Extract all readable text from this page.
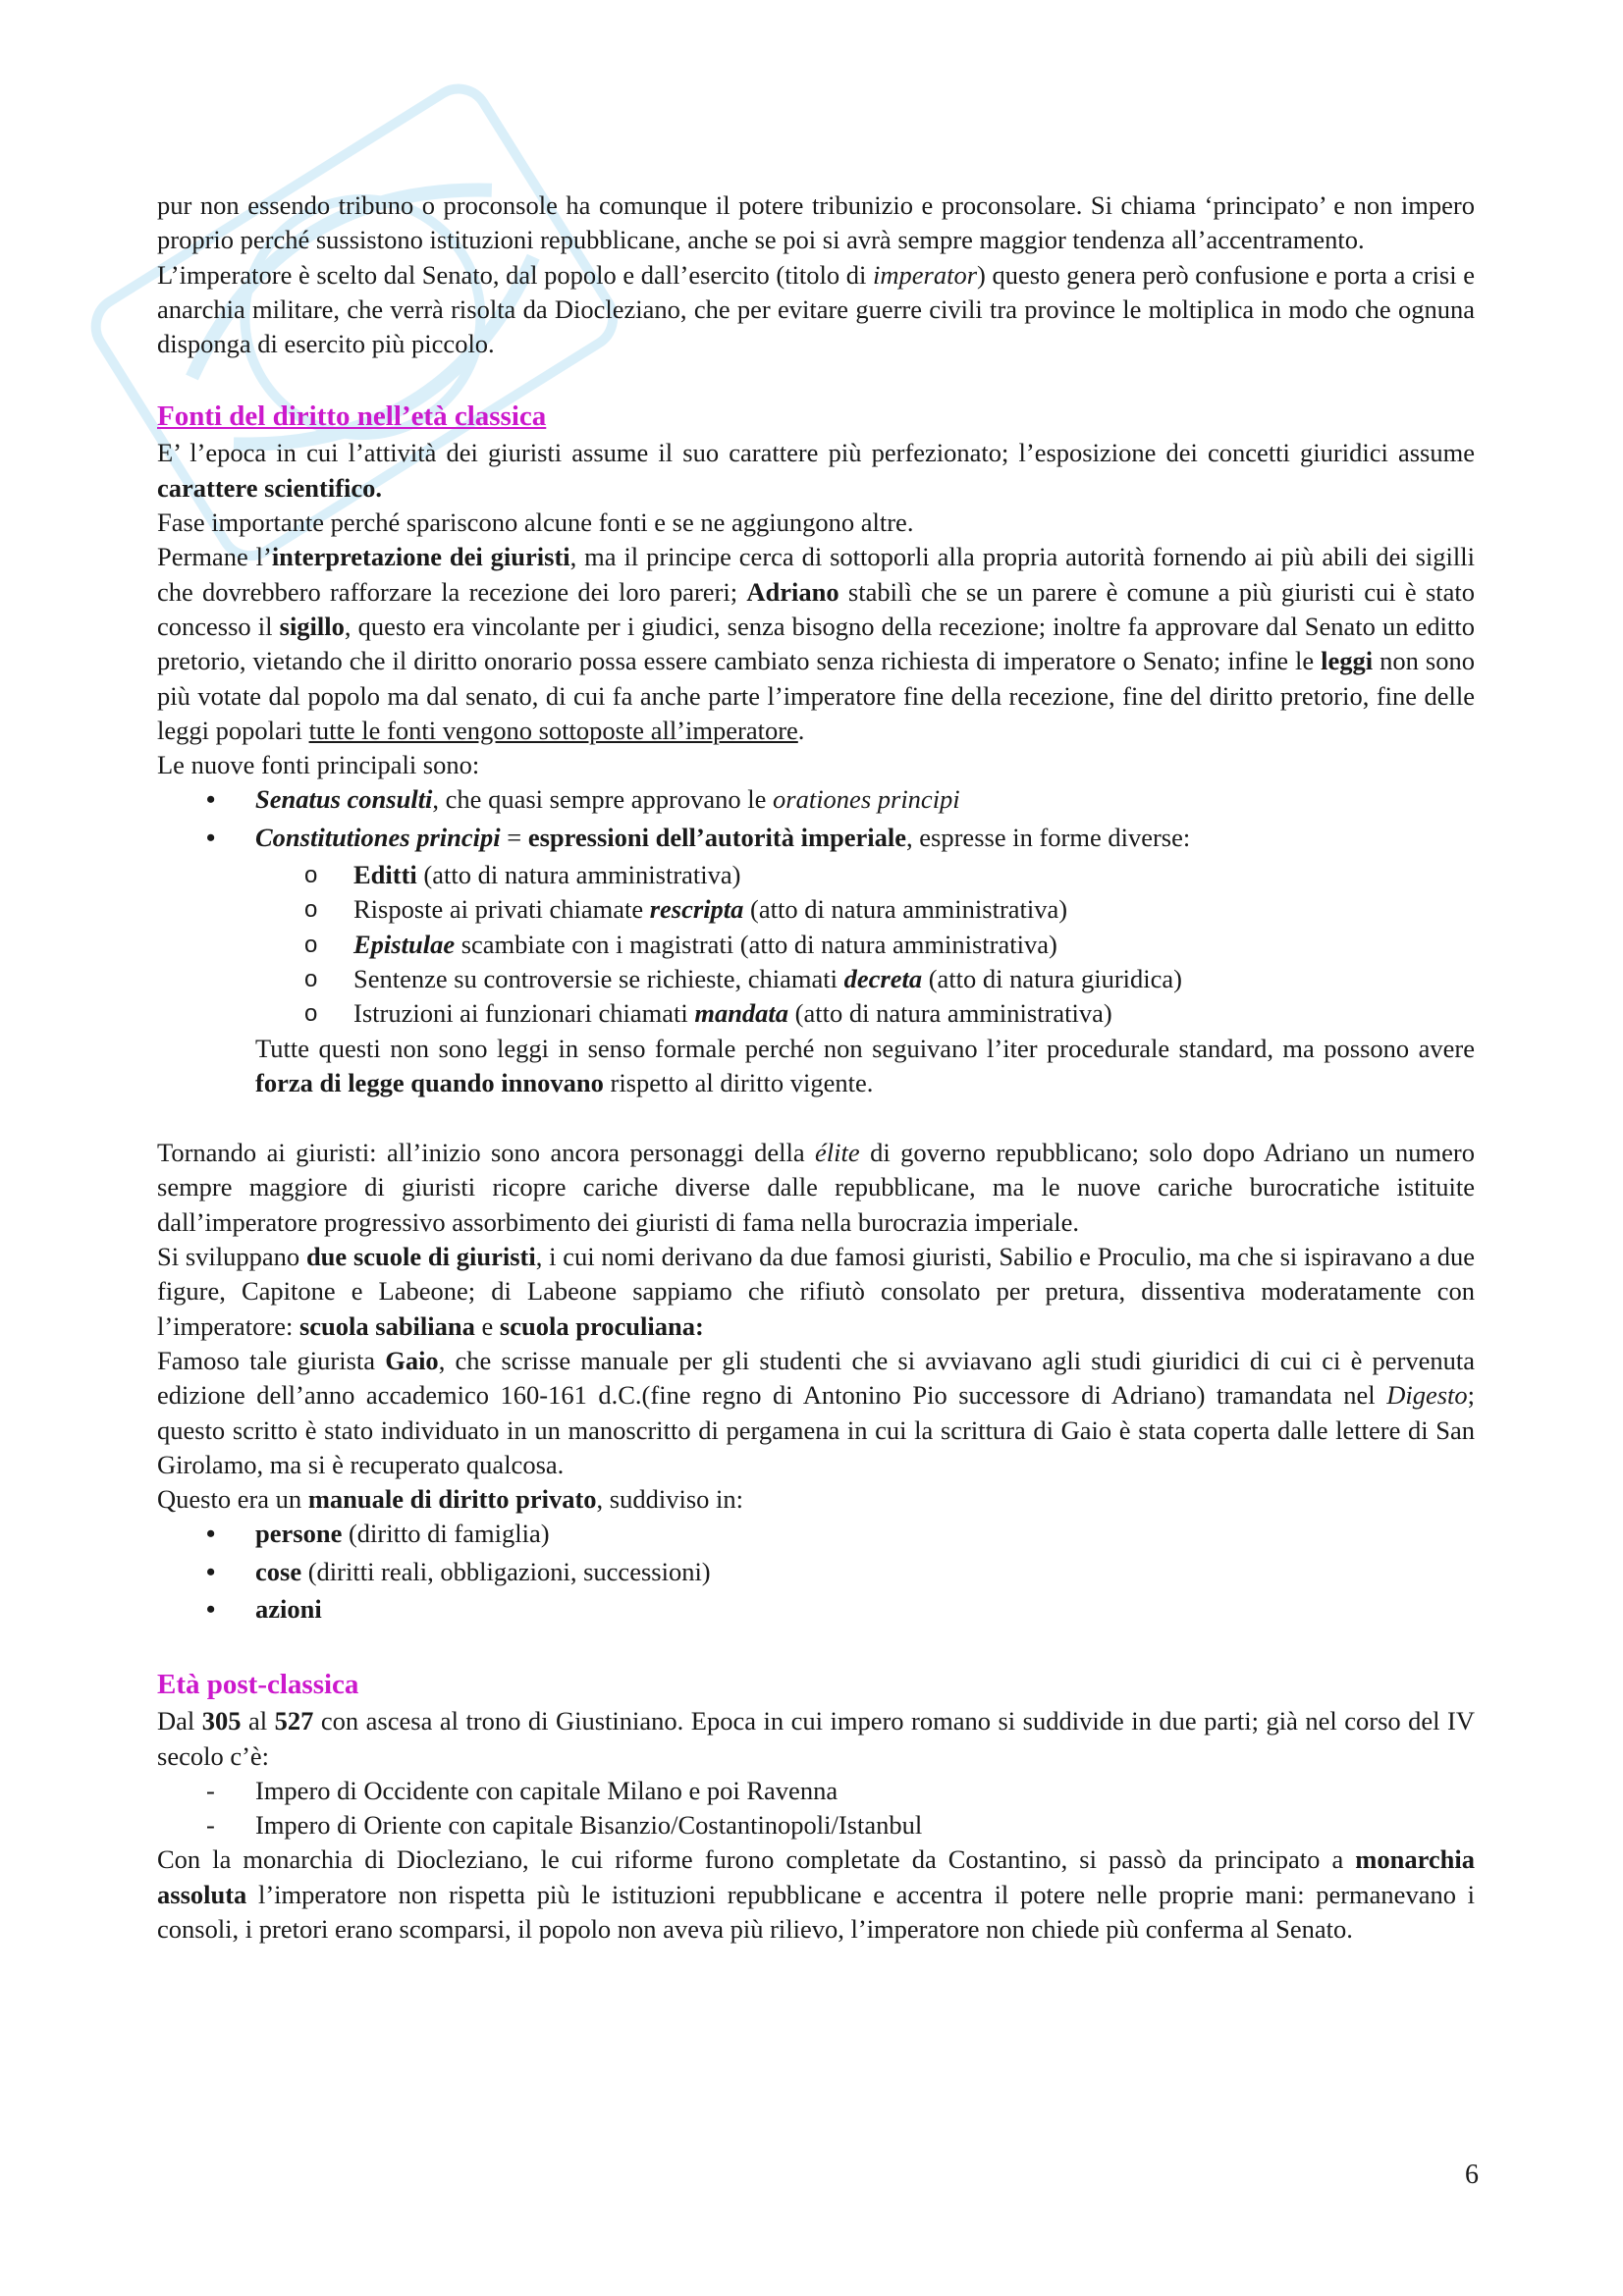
pur non essendo tribuno o proconsole ha comunque il potere tribunizio e proconsolare. Si chiama ‘principato’ e non impero proprio perché sussistono istituzioni repubblicane, anche se poi si avrà sempre maggior tendenza all’accentramento.

L’imperatore è scelto dal Senato, dal popolo e dall’esercito (titolo di imperator) questo genera però confusione e porta a crisi e anarchia militare, che verrà risolta da Diocleziano, che per evitare guerre civili tra province le moltiplica in modo che ognuna disponga di esercito più piccolo.

Fonti del diritto nell’età classica

E’ l’epoca in cui l’attività dei giuristi assume il suo carattere più perfezionato; l’esposizione dei concetti giuridici assume carattere scientifico.

Fase importante perché spariscono alcune fonti e se ne aggiungono altre.

Permane l’interpretazione dei giuristi, ma il principe cerca di sottoporli alla propria autorità fornendo ai più abili dei sigilli che dovrebbero rafforzare la recezione dei loro pareri; Adriano stabilì che se un parere è comune a più giuristi cui è stato concesso il sigillo, questo era vincolante per i giudici, senza bisogno della recezione; inoltre fa approvare dal Senato un editto pretorio, vietando che il diritto onorario possa essere cambiato senza richiesta di imperatore o Senato; infine le leggi non sono più votate dal popolo ma dal senato, di cui fa anche parte l’imperatore fine della recezione, fine del diritto pretorio, fine delle leggi popolari tutte le fonti vengono sottoposte all’imperatore.

Le nuove fonti principali sono:

• Senatus consulti, che quasi sempre approvano le orationes principi
• Constitutiones principi = espressioni dell’autorità imperiale, espresse in forme diverse:
o Editti (atto di natura amministrativa)
o Risposte ai privati chiamate rescripta (atto di natura amministrativa)
o Epistulae scambiate con i magistrati (atto di natura amministrativa)
o Sentenze su controversie se richieste, chiamati decreta (atto di natura giuridica)
o Istruzioni ai funzionari chiamati mandata (atto di natura amministrativa)

Tutte questi non sono leggi in senso formale perché non seguivano l’iter procedurale standard, ma possono avere forza di legge quando innovano rispetto al diritto vigente.

Tornando ai giuristi: all’inizio sono ancora personaggi della élite di governo repubblicano; solo dopo Adriano un numero sempre maggiore di giuristi ricopre cariche diverse dalle repubblicane, ma le nuove cariche burocratiche istituite dall’imperatore progressivo assorbimento dei giuristi di fama nella burocrazia imperiale.

Si sviluppano due scuole di giuristi, i cui nomi derivano da due famosi giuristi, Sabilio e Proculio, ma che si ispiravano a due figure, Capitone e Labeone; di Labeone sappiamo che rifiutò consolato per pretura, dissentiva moderatamente con l’imperatore: scuola sabiliana e scuola proculiana:

Famoso tale giurista Gaio, che scrisse manuale per gli studenti che si avviavano agli studi giuridici di cui ci è pervenuta edizione dell’anno accademico 160-161 d.C.(fine regno di Antonino Pio successore di Adriano) tramandata nel Digesto; questo scritto è stato individuato in un manoscritto di pergamena in cui la scrittura di Gaio è stata coperta dalle lettere di San Girolamo, ma si è recuperato qualcosa.

Questo era un manuale di diritto privato, suddiviso in:

• persone (diritto di famiglia)
• cose (diritti reali, obbligazioni, successioni)
• azioni
Età post-classica

Dal 305 al 527 con ascesa al trono di Giustiniano. Epoca in cui impero romano si suddivide in due parti; già nel corso del IV secolo c’è:

- Impero di Occidente con capitale Milano e poi Ravenna
- Impero di Oriente con capitale Bisanzio/Costantinopoli/Istanbul

Con la monarchia di Diocleziano, le cui riforme furono completate da Costantino, si passò da principato a monarchia assoluta l’imperatore non rispetta più le istituzioni repubblicane e accentra il potere nelle proprie mani: permanevano i consoli, i pretori erano scomparsi, il popolo non aveva più rilievo, l’imperatore non chiede più conferma al Senato.

6
